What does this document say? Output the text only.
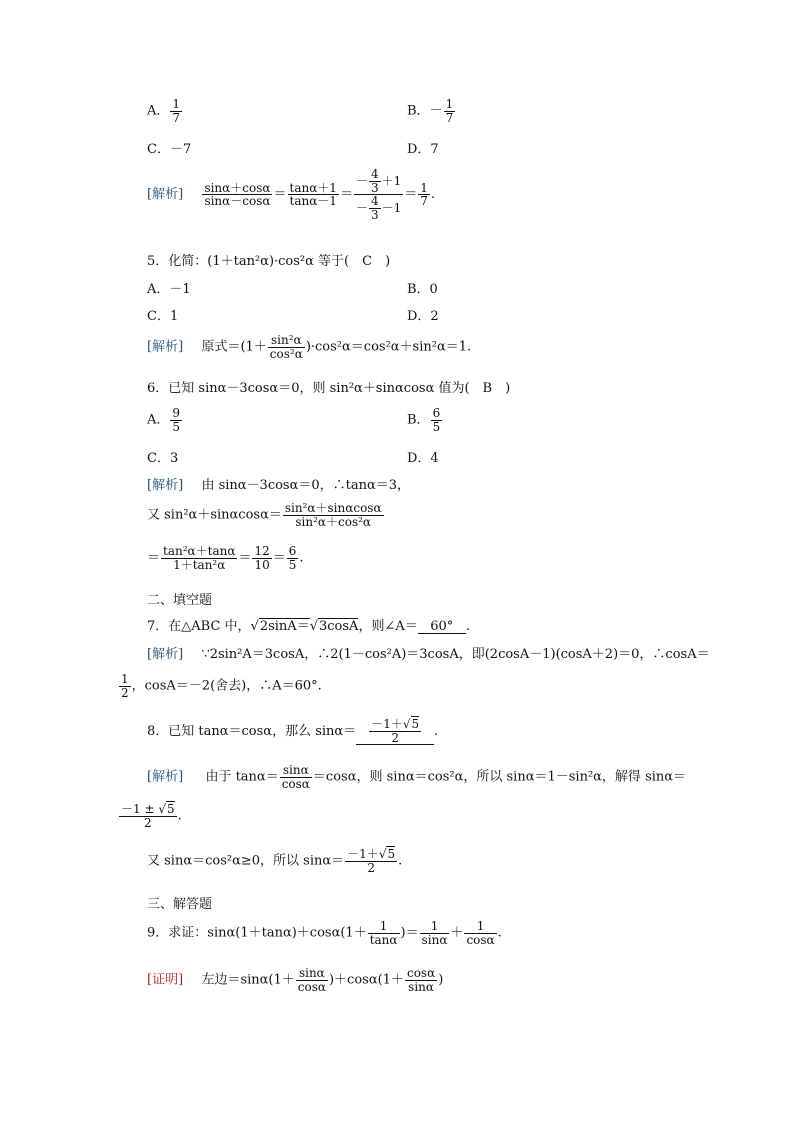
A． $\frac{1}{7}$	B．－ $\frac{1}{7}$
C．－7	D．7
[解析] $\frac{\sin\alpha+\cos\alpha}{\sin\alpha-\cos\alpha} = \frac{\tan\alpha+1}{\tan\alpha-1} = \frac{- \frac{4}{3} +1}{- \frac{4}{3} -1} = \frac{1}{7}$ .
5．化简：(1＋tan²α)·cos²α 等于(　C　)
A．－1	B．0
C．1	D．2
[解析] 原式$=(1+ \frac{\text{sin²α}}{\text{cos²α}} )\cdot\cos^2\alpha=\cos^2\alpha+\sin^2\alpha=1$.
6．已知 sinα－3cosα＝0，则 sin²α＋sinαcosα 值为(　B　)
A． $\frac{9}{5}$	B． $\frac{6}{5}$
C．3	D．4
[解析] 由 sinα－3cosα＝0，∴tanα＝3，
又 $\sin^2\alpha+\sin\alpha\cos\alpha= \frac{\text{sin²α＋sinαcosα}}{\text{sin²α＋cos²α}}$
＝ $\frac{\text{tan²α＋tanα}}{\text{1＋tan²α}} = \frac{12}{10} = \frac{6}{5}$ .
二、填空题
7．在△ABC 中，√2sinA＝√3cosA，则∠A＝ 60° .
[解析] ∵2sin²A＝3cosA，∴2(1－cos²A)＝3cosA，即(2cosA－1)(cosA＋2)＝0，∴cosA＝
$\frac{1}{2}$ ，cosA＝－2(舍去)，∴A＝60°.
8．已知 tanα＝cosα，那么 $\sin\alpha= \frac{-1+√5}{2}$ .
[解析] 由于 $\tan\alpha= \frac{\sin\alpha}{\cos\alpha} =\cos\alpha$，则 sinα＝cos²α，所以 sinα＝1－sin²α，解得 sinα＝
$\frac{-1 \pm √5}{2}$ .
又 sinα＝cos²α≥0，所以 $\sin\alpha= \frac{-1+√5}{2}$ .
三、解答题
9．求证：$\sin\alpha(1+\tan\alpha)+\cos\alpha(1+ \frac{1}{\tan\alpha}$ )＝ $\frac{1}{\sin\alpha} + \frac{1}{\cos\alpha}$ .
[证明] 左边$=\sin\alpha(1+ \frac{\sin\alpha}{\cos\alpha} )+\cos\alpha(1+ \frac{\cos\alpha}{\sin\alpha}$ )
